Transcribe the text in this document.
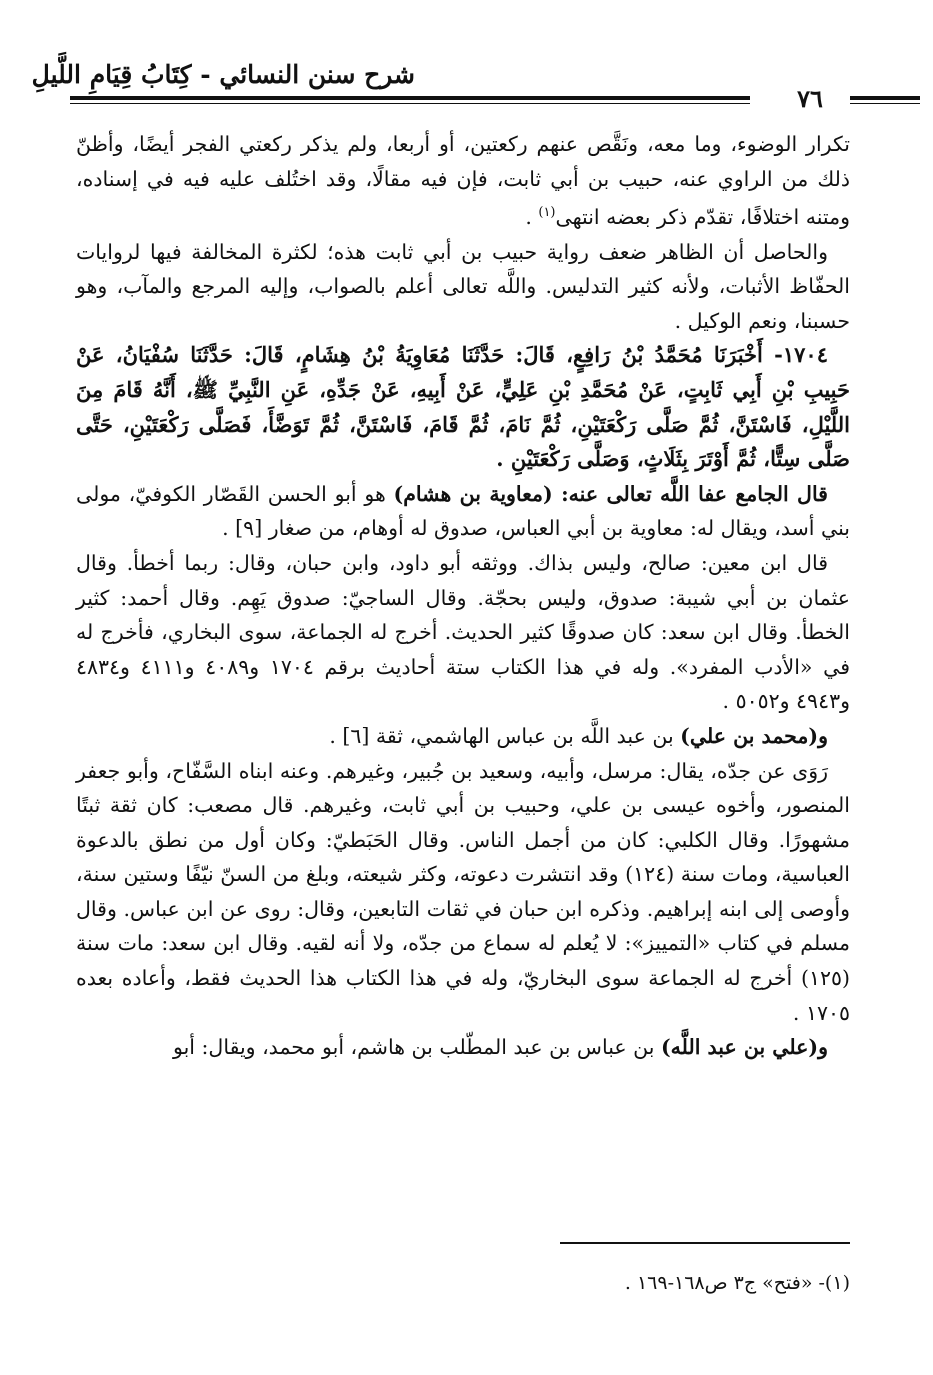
شرح سنن النسائي - كِتَابُ قِيَامِ اللَّيلِ
٧٦

تكرار الوضوء، وما معه، ونَقَّص عنهم ركعتين، أو أربعا، ولم يذكر ركعتي الفجر أيضًا، وأظنّ ذلك من الراوي عنه، حبيب بن أبي ثابت، فإن فيه مقالًا، وقد اختُلف عليه فيه في إسناده، ومتنه اختلافًا، تقدّم ذكر بعضه انتهى$^{(١)}$ .

والحاصل أن الظاهر ضعف رواية حبيب بن أبي ثابت هذه؛ لكثرة المخالفة فيها لروايات الحفّاظ الأثبات، ولأنه كثير التدليس. واللَّه تعالى أعلم بالصواب، وإليه المرجع والمآب، وهو حسبنا، ونعم الوكيل .

١٧٠٤- أَخْبَرَنَا مُحَمَّدُ بْنُ رَافِعٍ، قَالَ: حَدَّثَنَا مُعَاوِيَةُ بْنُ هِشَامٍ، قَالَ: حَدَّثَنَا سُفْيَانُ، عَنْ حَبِيبِ بْنِ أَبِي ثَابِتٍ، عَنْ مُحَمَّدِ بْنِ عَلِيٍّ، عَنْ أَبِيهِ، عَنْ جَدِّهِ، عَنِ النَّبِيِّ ﷺ، أَنَّهُ قَامَ مِنَ اللَّيْلِ، فَاسْتَنَّ، ثُمَّ صَلَّى رَكْعَتَيْنِ، ثُمَّ نَامَ، ثُمَّ قَامَ، فَاسْتَنَّ، ثُمَّ تَوَضَّأَ، فَصَلَّى رَكْعَتَيْنِ، حَتَّى صَلَّى سِتًّا، ثُمَّ أَوْتَرَ بِثَلَاثٍ، وَصَلَّى رَكْعَتَيْنِ .

قال الجامع عفا اللَّه تعالى عنه: (معاوية بن هشام) هو أبو الحسن القَصّار الكوفيّ، مولى بني أسد، ويقال له: معاوية بن أبي العباس، صدوق له أوهام، من صغار [٩] .

قال ابن معين: صالح، وليس بذاك. ووثقه أبو داود، وابن حبان، وقال: ربما أخطأ. وقال عثمان بن أبي شيبة: صدوق، وليس بحجّة. وقال الساجيّ: صدوق يَهِم. وقال أحمد: كثير الخطأ. وقال ابن سعد: كان صدوقًا كثير الحديث. أخرج له الجماعة، سوى البخاري، فأخرج له في «الأدب المفرد». وله في هذا الكتاب ستة أحاديث برقم ١٧٠٤ و٤٠٨٩ و٤١١١ و٤٨٣٤ و٤٩٤٣ و٥٠٥٢ .

و(محمد بن علي) بن عبد اللَّه بن عباس الهاشمي، ثقة [٦] .

رَوَى عن جدّه، يقال: مرسل، وأبيه، وسعيد بن جُبير، وغيرهم. وعنه ابناه السَّفّاح، وأبو جعفر المنصور، وأخوه عيسى بن علي، وحبيب بن أبي ثابت، وغيرهم. قال مصعب: كان ثقة ثبتًا مشهورًا. وقال الكلبي: كان من أجمل الناس. وقال الحَبَطيّ: وكان أول من نطق بالدعوة العباسية، ومات سنة (١٢٤) وقد انتشرت دعوته، وكثر شيعته، وبلغ من السنّ نيّفًا وستين سنة، وأوصى إلى ابنه إبراهيم. وذكره ابن حبان في ثقات التابعين، وقال: روى عن ابن عباس. وقال مسلم في كتاب «التمييز»: لا يُعلم له سماع من جدّه، ولا أنه لقيه. وقال ابن سعد: مات سنة (١٢٥) أخرج له الجماعة سوى البخاريّ، وله في هذا الكتاب هذا الحديث فقط، وأعاده بعده ١٧٠٥ .

و(علي بن عبد اللَّه) بن عباس بن عبد المطّلب بن هاشم، أبو محمد، ويقال: أبو

(١)- «فتح» ج٣ ص١٦٨-١٦٩ .
